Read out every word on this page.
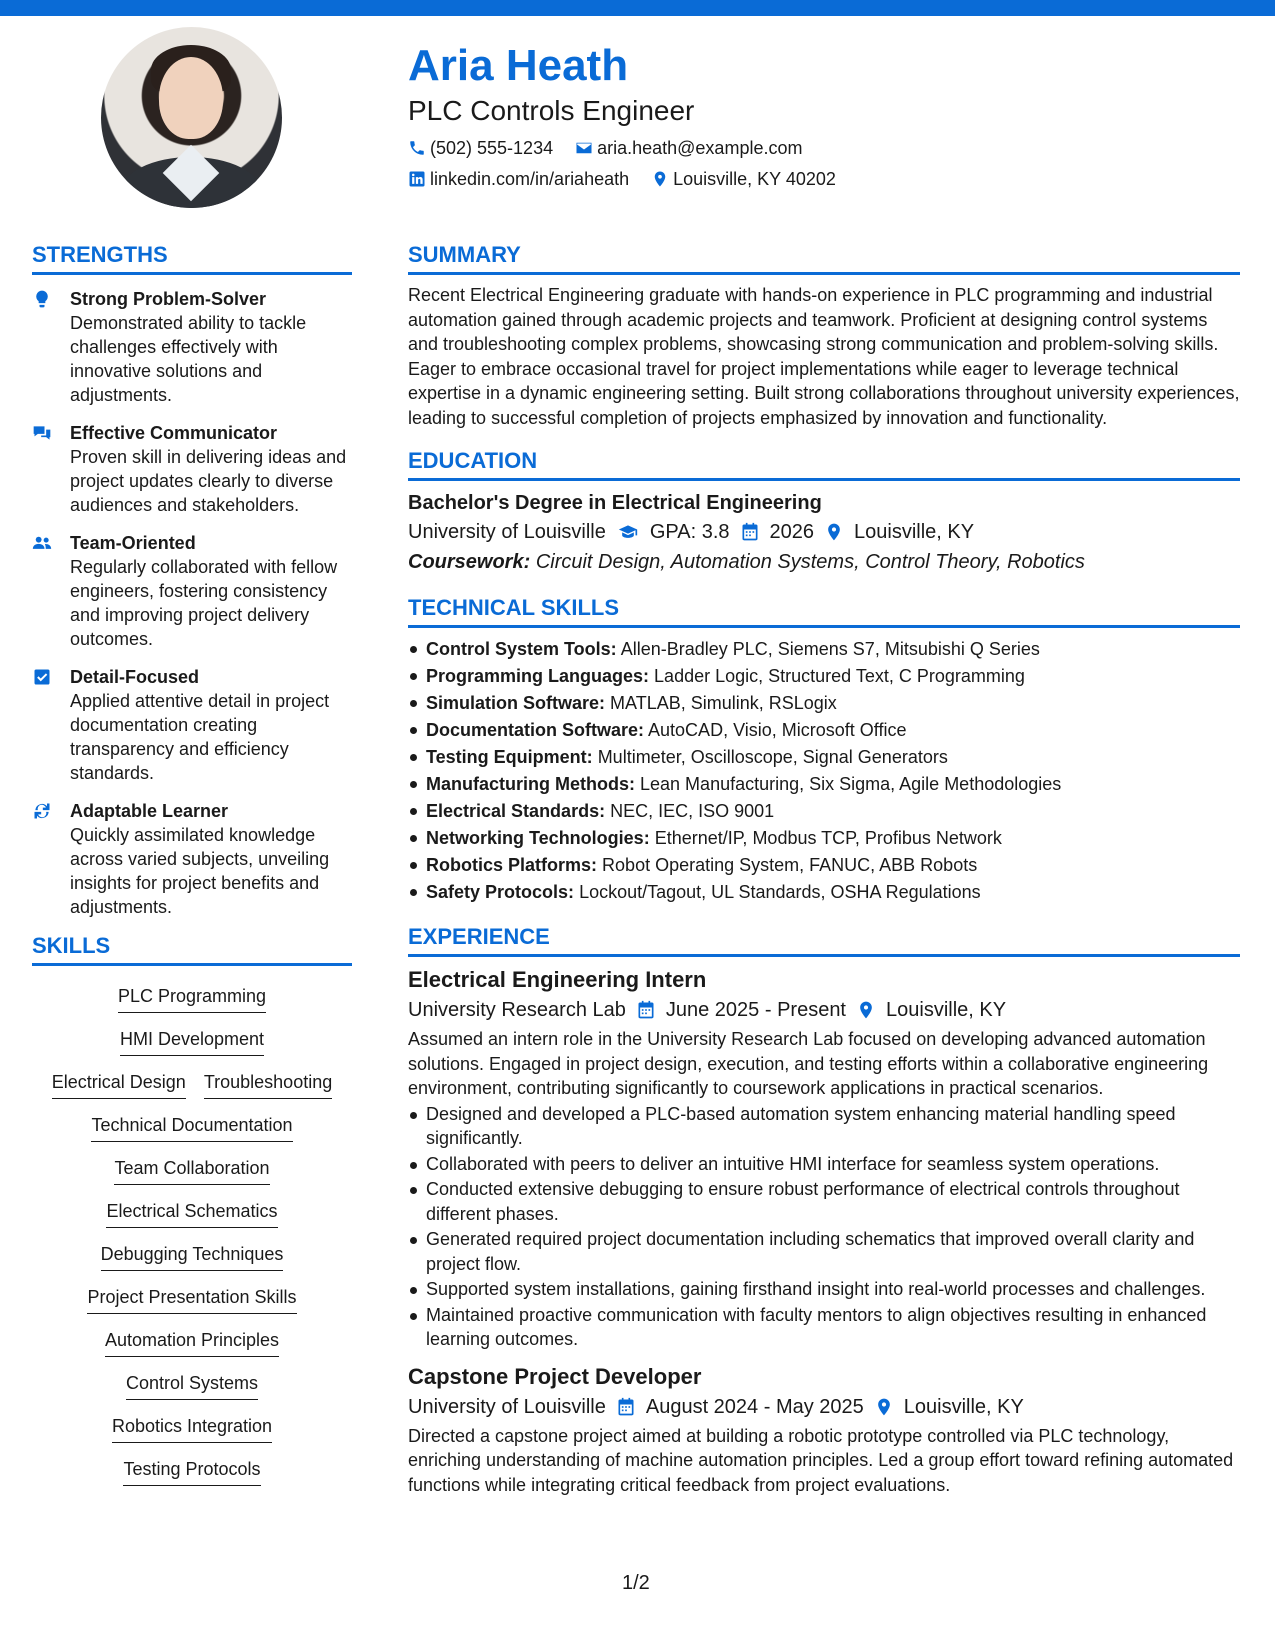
Aria Heath
PLC Controls Engineer
(502) 555-1234 aria.heath@example.com
linkedin.com/in/ariaheath Louisville, KY 40202
STRENGTHS
Strong Problem-Solver
Demonstrated ability to tackle challenges effectively with innovative solutions and adjustments.
Effective Communicator
Proven skill in delivering ideas and project updates clearly to diverse audiences and stakeholders.
Team-Oriented
Regularly collaborated with fellow engineers, fostering consistency and improving project delivery outcomes.
Detail-Focused
Applied attentive detail in project documentation creating transparency and efficiency standards.
Adaptable Learner
Quickly assimilated knowledge across varied subjects, unveiling insights for project benefits and adjustments.
SKILLS
PLC Programming
HMI Development
Electrical Design Troubleshooting
Technical Documentation
Team Collaboration
Electrical Schematics
Debugging Techniques
Project Presentation Skills
Automation Principles
Control Systems
Robotics Integration
Testing Protocols
SUMMARY
Recent Electrical Engineering graduate with hands-on experience in PLC programming and industrial automation gained through academic projects and teamwork. Proficient at designing control systems and troubleshooting complex problems, showcasing strong communication and problem-solving skills. Eager to embrace occasional travel for project implementations while eager to leverage technical expertise in a dynamic engineering setting. Built strong collaborations throughout university experiences, leading to successful completion of projects emphasized by innovation and functionality.
EDUCATION
Bachelor's Degree in Electrical Engineering
University of Louisville GPA: 3.8 2026 Louisville, KY
Coursework: Circuit Design, Automation Systems, Control Theory, Robotics
TECHNICAL SKILLS
Control System Tools: Allen-Bradley PLC, Siemens S7, Mitsubishi Q Series
Programming Languages: Ladder Logic, Structured Text, C Programming
Simulation Software: MATLAB, Simulink, RSLogix
Documentation Software: AutoCAD, Visio, Microsoft Office
Testing Equipment: Multimeter, Oscilloscope, Signal Generators
Manufacturing Methods: Lean Manufacturing, Six Sigma, Agile Methodologies
Electrical Standards: NEC, IEC, ISO 9001
Networking Technologies: Ethernet/IP, Modbus TCP, Profibus Network
Robotics Platforms: Robot Operating System, FANUC, ABB Robots
Safety Protocols: Lockout/Tagout, UL Standards, OSHA Regulations
EXPERIENCE
Electrical Engineering Intern
University Research Lab June 2025 - Present Louisville, KY
Assumed an intern role in the University Research Lab focused on developing advanced automation solutions. Engaged in project design, execution, and testing efforts within a collaborative engineering environment, contributing significantly to coursework applications in practical scenarios.
Designed and developed a PLC-based automation system enhancing material handling speed significantly.
Collaborated with peers to deliver an intuitive HMI interface for seamless system operations.
Conducted extensive debugging to ensure robust performance of electrical controls throughout different phases.
Generated required project documentation including schematics that improved overall clarity and project flow.
Supported system installations, gaining firsthand insight into real-world processes and challenges.
Maintained proactive communication with faculty mentors to align objectives resulting in enhanced learning outcomes.
Capstone Project Developer
University of Louisville August 2024 - May 2025 Louisville, KY
Directed a capstone project aimed at building a robotic prototype controlled via PLC technology, enriching understanding of machine automation principles. Led a group effort toward refining automated functions while integrating critical feedback from project evaluations.
1/2
